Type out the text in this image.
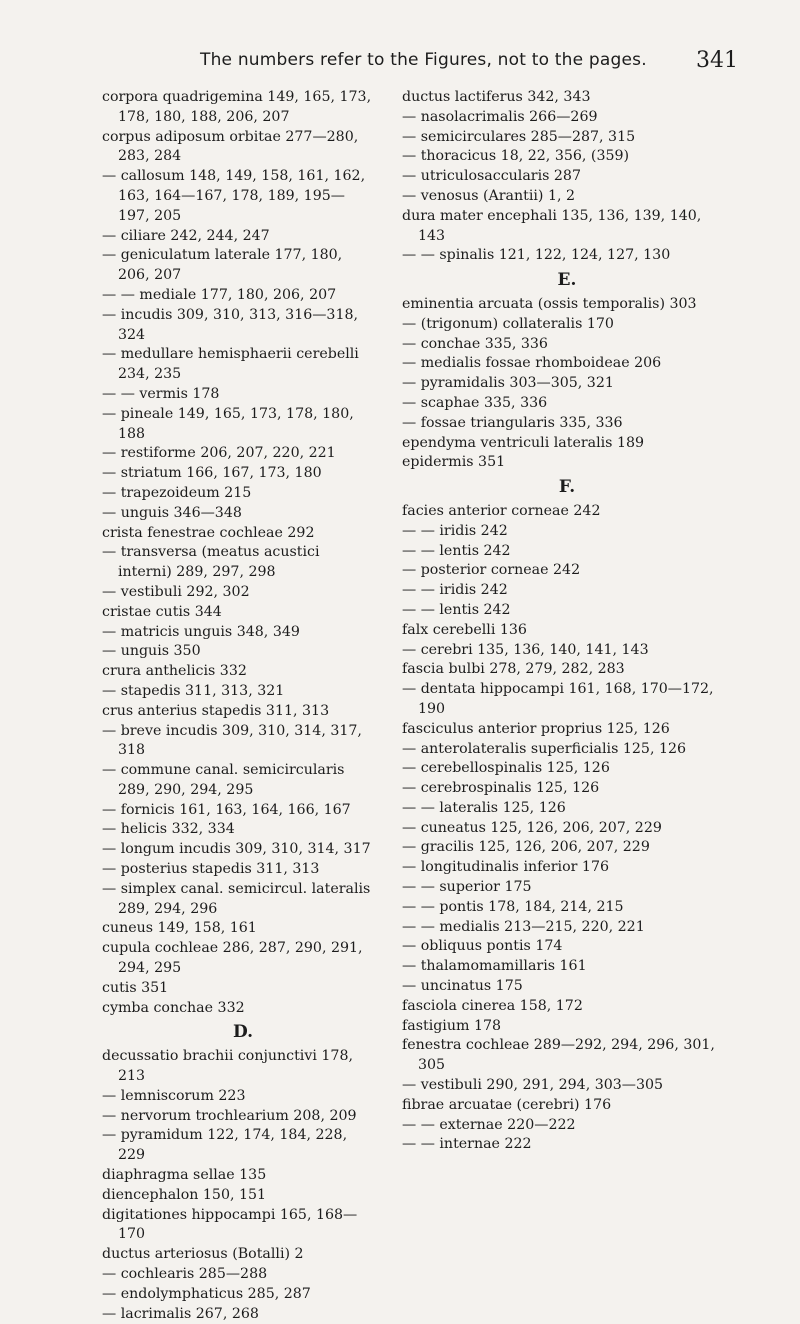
The numbers refer to the Figures, not to the pages. 341
corpora quadrigemina 149, 165, 173, 178, 180, 188, 206, 207
corpus adiposum orbitae 277—280, 283, 284
— callosum 148, 149, 158, 161, 162, 163, 164—167, 178, 189, 195—197, 205
— ciliare 242, 244, 247
— geniculatum laterale 177, 180, 206, 207
— — mediale 177, 180, 206, 207
— incudis 309, 310, 313, 316—318, 324
— medullare hemisphaerii cerebelli 234, 235
— — vermis 178
— pineale 149, 165, 173, 178, 180, 188
— restiforme 206, 207, 220, 221
— striatum 166, 167, 173, 180
— trapezoideum 215
— unguis 346—348
crista fenestrae cochleae 292
— transversa (meatus acustici interni) 289, 297, 298
— vestibuli 292, 302
cristae cutis 344
— matricis unguis 348, 349
— unguis 350
crura anthelicis 332
— stapedis 311, 313, 321
crus anterius stapedis 311, 313
— breve incudis 309, 310, 314, 317, 318
— commune canal. semicircularis 289, 290, 294, 295
— fornicis 161, 163, 164, 166, 167
— helicis 332, 334
— longum incudis 309, 310, 314, 317
— posterius stapedis 311, 313
— simplex canal. semicircul. lateralis 289, 294, 296
cuneus 149, 158, 161
cupula cochleae 286, 287, 290, 291, 294, 295
cutis 351
cymba conchae 332
D.
decussatio brachii conjunctivi 178, 213
— lemniscorum 223
— nervorum trochlearium 208, 209
— pyramidum 122, 174, 184, 228, 229
diaphragma sellae 135
diencephalon 150, 151
digitationes hippocampi 165, 168—170
ductus arteriosus (Botalli) 2
— cochlearis 285—288
— endolymphaticus 285, 287
— lacrimalis 267, 268
ductus lactiferus 342, 343
— nasolacrimalis 266—269
— semicirculares 285—287, 315
— thoracicus 18, 22, 356, (359)
— utriculosaccularis 287
— venosus (Arantii) 1, 2
dura mater encephali 135, 136, 139, 140, 143
— — spinalis 121, 122, 124, 127, 130
E.
eminentia arcuata (ossis temporalis) 303
— (trigonum) collateralis 170
— conchae 335, 336
— medialis fossae rhomboideae 206
— pyramidalis 303—305, 321
— scaphae 335, 336
— fossae triangularis 335, 336
ependyma ventriculi lateralis 189
epidermis 351
F.
facies anterior corneae 242
— — iridis 242
— — lentis 242
— posterior corneae 242
— — iridis 242
— — lentis 242
falx cerebelli 136
— cerebri 135, 136, 140, 141, 143
fascia bulbi 278, 279, 282, 283
— dentata hippocampi 161, 168, 170—172, 190
fasciculus anterior proprius 125, 126
— anterolateralis superficialis 125, 126
— cerebellospinalis 125, 126
— cerebrospinalis 125, 126
— — lateralis 125, 126
— cuneatus 125, 126, 206, 207, 229
— gracilis 125, 126, 206, 207, 229
— longitudinalis inferior 176
— — superior 175
— — pontis 178, 184, 214, 215
— — medialis 213—215, 220, 221
— obliquus pontis 174
— thalamomamillaris 161
— uncinatus 175
fasciola cinerea 158, 172
fastigium 178
fenestra cochleae 289—292, 294, 296, 301, 305
— vestibuli 290, 291, 294, 303—305
fibrae arcuatae (cerebri) 176
— — externae 220—222
— — internae 222
